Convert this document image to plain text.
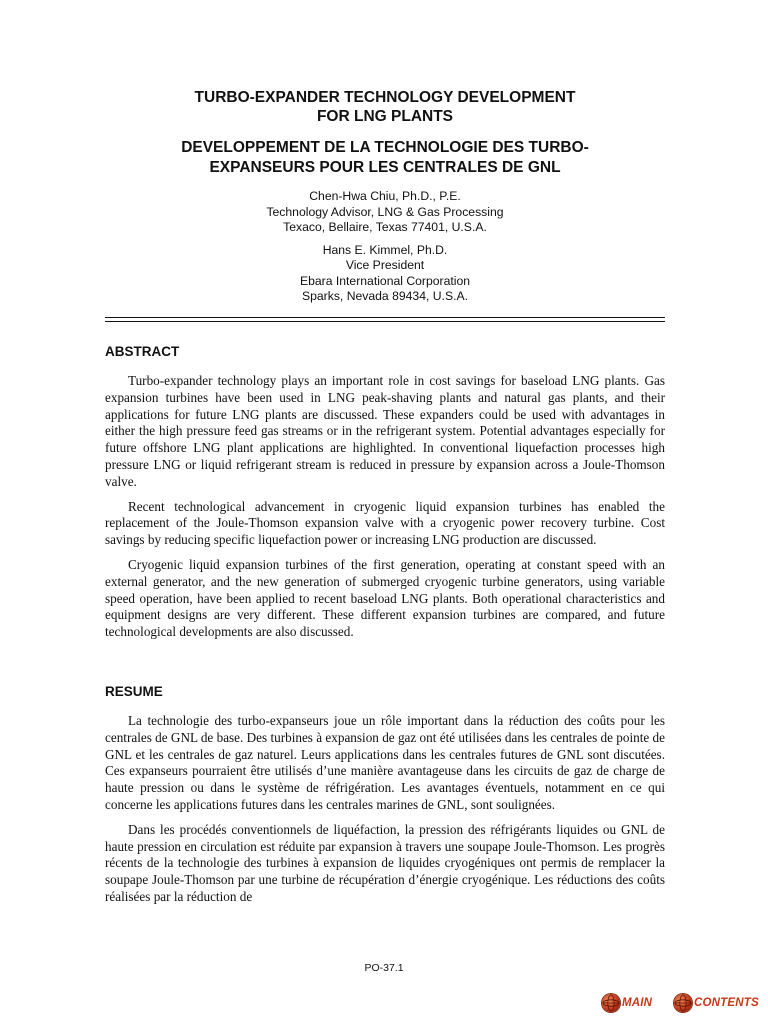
TURBO-EXPANDER TECHNOLOGY DEVELOPMENT
FOR LNG PLANTS
DEVELOPPEMENT DE LA TECHNOLOGIE DES TURBO-
EXPANSEURS POUR LES CENTRALES DE GNL
Chen-Hwa Chiu, Ph.D., P.E.
Technology Advisor, LNG & Gas Processing
Texaco, Bellaire, Texas 77401, U.S.A.
Hans E. Kimmel, Ph.D.
Vice President
Ebara International Corporation
Sparks, Nevada 89434, U.S.A.
ABSTRACT

Turbo-expander technology plays an important role in cost savings for baseload LNG plants. Gas expansion turbines have been used in LNG peak-shaving plants and natural gas plants, and their applications for future LNG plants are discussed. These expanders could be used with advantages in either the high pressure feed gas streams or in the refrigerant system. Potential advantages especially for future offshore LNG plant applications are highlighted. In conventional liquefaction processes high pressure LNG or liquid refrigerant stream is reduced in pressure by expansion across a Joule-Thomson valve.

Recent technological advancement in cryogenic liquid expansion turbines has enabled the replacement of the Joule-Thomson expansion valve with a cryogenic power recovery turbine. Cost savings by reducing specific liquefaction power or increasing LNG production are discussed.

Cryogenic liquid expansion turbines of the first generation, operating at constant speed with an external generator, and the new generation of submerged cryogenic turbine generators, using variable speed operation, have been applied to recent baseload LNG plants. Both operational characteristics and equipment designs are very different. These different expansion turbines are compared, and future technological developments are also discussed.

RESUME

La technologie des turbo-expanseurs joue un rôle important dans la réduction des coûts pour les centrales de GNL de base. Des turbines à expansion de gaz ont été utilisées dans les centrales de pointe de GNL et les centrales de gaz naturel. Leurs applications dans les centrales futures de GNL sont discutées. Ces expanseurs pourraient être utilisés d’une manière avantageuse dans les circuits de gaz de charge de haute pression ou dans le système de réfrigération. Les avantages éventuels, notamment en ce qui concerne les applications futures dans les centrales marines de GNL, sont soulignées.

Dans les procédés conventionnels de liquéfaction, la pression des réfrigérants liquides ou GNL de haute pression en circulation est réduite par expansion à travers une soupape Joule-Thomson. Les progrès récents de la technologie des turbines à expansion de liquides cryogéniques ont permis de remplacer la soupape Joule-Thomson par une turbine de récupération d’énergie cryogénique. Les réductions des coûts réalisées par la réduction de

PO-37.1
MAIN	CONTENTS
